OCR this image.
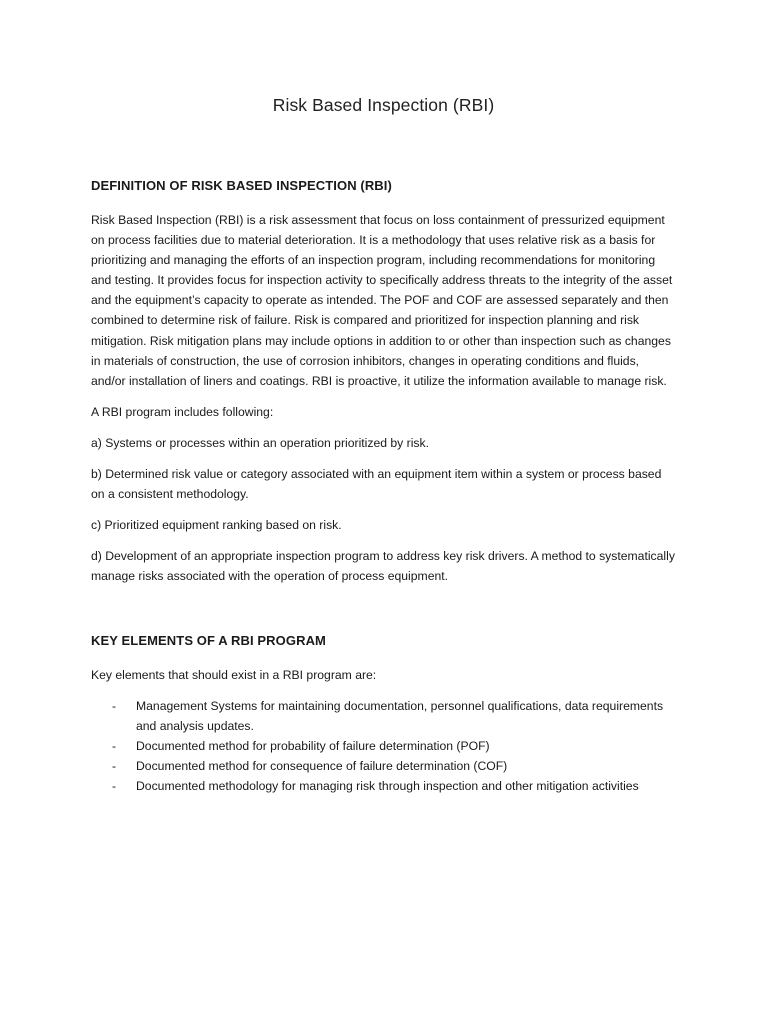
Risk Based Inspection (RBI)
DEFINITION OF RISK BASED INSPECTION (RBI)

Risk Based Inspection (RBI) is a risk assessment that focus on loss containment of pressurized equipment on process facilities due to material deterioration. It is a methodology that uses relative risk as a basis for prioritizing and managing the efforts of an inspection program, including recommendations for monitoring and testing. It provides focus for inspection activity to specifically address threats to the integrity of the asset and the equipment’s capacity to operate as intended. The POF and COF are assessed separately and then combined to determine risk of failure. Risk is compared and prioritized for inspection planning and risk mitigation. Risk mitigation plans may include options in addition to or other than inspection such as changes in materials of construction, the use of corrosion inhibitors, changes in operating conditions and fluids, and/or installation of liners and coatings. RBI is proactive, it utilize the information available to manage risk.

A RBI program includes following:

a) Systems or processes within an operation prioritized by risk.

b) Determined risk value or category associated with an equipment item within a system or process based on a consistent methodology.

c) Prioritized equipment ranking based on risk.

d) Development of an appropriate inspection program to address key risk drivers. A method to systematically manage risks associated with the operation of process equipment.

KEY ELEMENTS OF A RBI PROGRAM

Key elements that should exist in a RBI program are:

-	Management Systems for maintaining documentation, personnel qualifications, data requirements and analysis updates.
-	Documented method for probability of failure determination (POF)
-	Documented method for consequence of failure determination (COF)
-	Documented methodology for managing risk through inspection and other mitigation activities
